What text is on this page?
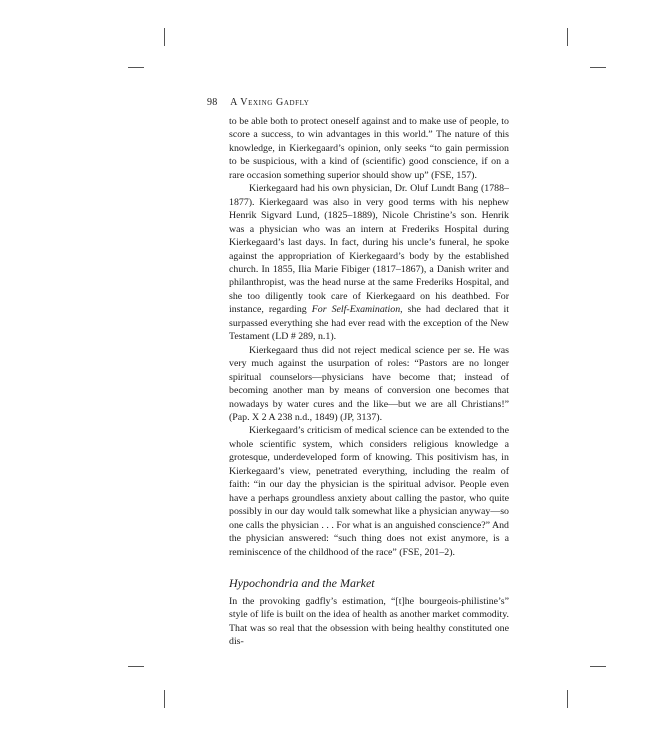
98 A Vexing Gadfly

to be able both to protect oneself against and to make use of people, to score a success, to win advantages in this world.” The nature of this knowledge, in Kierkegaard’s opinion, only seeks “to gain permission to be suspicious, with a kind of (scientific) good conscience, if on a rare occasion something superior should show up” (FSE, 157).

Kierkegaard had his own physician, Dr. Oluf Lundt Bang (1788–1877). Kierkegaard was also in very good terms with his nephew Henrik Sigvard Lund, (1825–1889), Nicole Christine’s son. Henrik was a physician who was an intern at Frederiks Hospital during Kierkegaard’s last days. In fact, during his uncle’s funeral, he spoke against the appropriation of Kierkegaard’s body by the established church. In 1855, Ilia Marie Fibiger (1817–1867), a Danish writer and philanthropist, was the head nurse at the same Frederiks Hospital, and she too diligently took care of Kierkegaard on his deathbed. For instance, regarding For Self-Examination, she had declared that it surpassed everything she had ever read with the exception of the New Testament (LD # 289, n.1).

Kierkegaard thus did not reject medical science per se. He was very much against the usurpation of roles: “Pastors are no longer spiritual counselors—physicians have become that; instead of becoming another man by means of conversion one becomes that nowadays by water cures and the like—but we are all Christians!” (Pap. X 2 A 238 n.d., 1849) (JP, 3137).

Kierkegaard’s criticism of medical science can be extended to the whole scientific system, which considers religious knowledge a grotesque, underdeveloped form of knowing. This positivism has, in Kierkegaard’s view, penetrated everything, including the realm of faith: “in our day the physician is the spiritual advisor. People even have a perhaps groundless anxiety about calling the pastor, who quite possibly in our day would talk somewhat like a physician anyway—so one calls the physician . . . For what is an anguished conscience?” And the physician answered: “such thing does not exist anymore, is a reminiscence of the childhood of the race” (FSE, 201–2).

Hypochondria and the Market

In the provoking gadfly’s estimation, “[t]he bourgeois-philistine’s” style of life is built on the idea of health as another market commodity. That was so real that the obsession with being healthy constituted one dis-
